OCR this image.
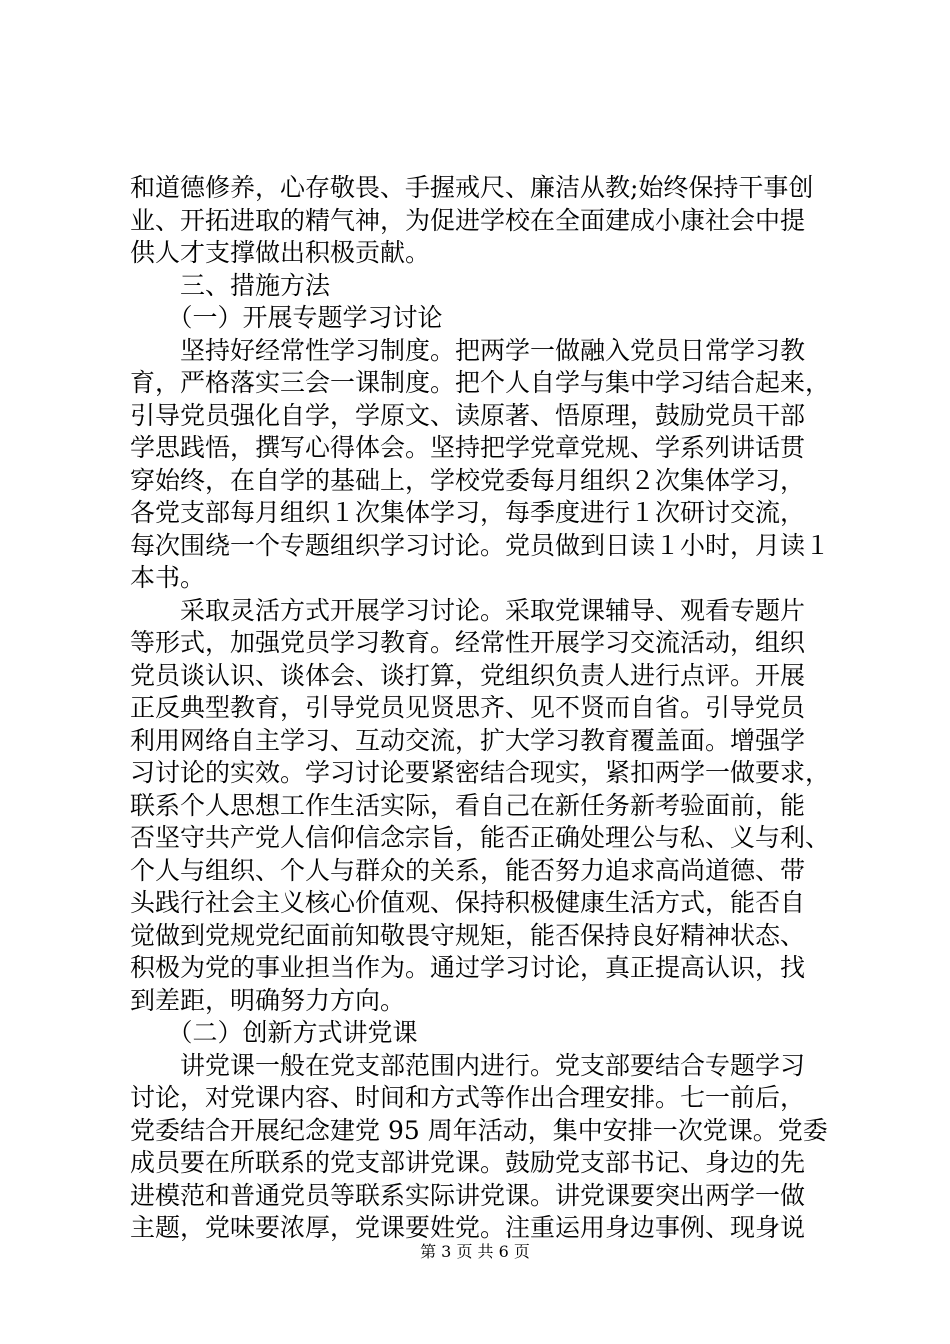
和道德修养，心存敬畏、手握戒尺、廉洁从教;始终保持干事创
业、开拓进取的精气神，为促进学校在全面建成小康社会中提
供人才支撑做出积极贡献。
　　三、措施方法
　　（一）开展专题学习讨论
　　坚持好经常性学习制度。把两学一做融入党员日常学习教
育，严格落实三会一课制度。把个人自学与集中学习结合起来，
引导党员强化自学，学原文、读原著、悟原理，鼓励党员干部
学思践悟，撰写心得体会。坚持把学党章党规、学系列讲话贯
穿始终，在自学的基础上，学校党委每月组织２次集体学习，
各党支部每月组织１次集体学习，每季度进行１次研讨交流，
每次围绕一个专题组织学习讨论。党员做到日读１小时，月读１
本书。
　　采取灵活方式开展学习讨论。采取党课辅导、观看专题片
等形式，加强党员学习教育。经常性开展学习交流活动，组织
党员谈认识、谈体会、谈打算，党组织负责人进行点评。开展
正反典型教育，引导党员见贤思齐、见不贤而自省。引导党员
利用网络自主学习、互动交流，扩大学习教育覆盖面。增强学
习讨论的实效。学习讨论要紧密结合现实，紧扣两学一做要求，
联系个人思想工作生活实际，看自己在新任务新考验面前，能
否坚守共产党人信仰信念宗旨，能否正确处理公与私、义与利、
个人与组织、个人与群众的关系，能否努力追求高尚道德、带
头践行社会主义核心价值观、保持积极健康生活方式，能否自
觉做到党规党纪面前知敬畏守规矩，能否保持良好精神状态、
积极为党的事业担当作为。通过学习讨论，真正提高认识，找
到差距，明确努力方向。
　　（二）创新方式讲党课
　　讲党课一般在党支部范围内进行。党支部要结合专题学习
讨论，对党课内容、时间和方式等作出合理安排。七一前后，
党委结合开展纪念建党 95 周年活动，集中安排一次党课。党委
成员要在所联系的党支部讲党课。鼓励党支部书记、身边的先
进模范和普通党员等联系实际讲党课。讲党课要突出两学一做
主题，党味要浓厚，党课要姓党。注重运用身边事例、现身说
第 3 页 共 6 页
